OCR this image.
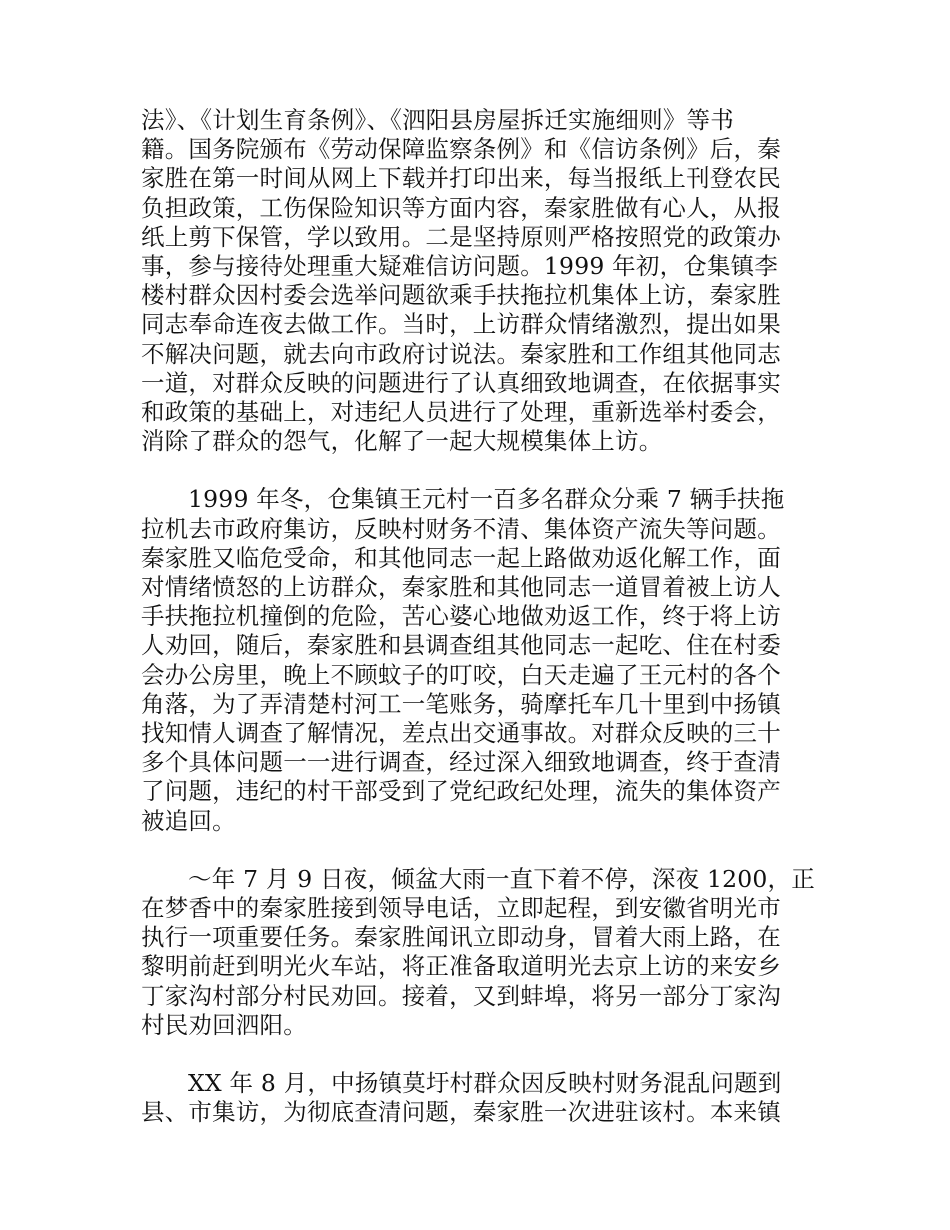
法》、《计划生育条例》、《泗阳县房屋拆迁实施细则》等书
籍。国务院颁布《劳动保障监察条例》和《信访条例》后，秦
家胜在第一时间从网上下载并打印出来，每当报纸上刊登农民
负担政策，工伤保险知识等方面内容，秦家胜做有心人，从报
纸上剪下保管，学以致用。二是坚持原则严格按照党的政策办
事，参与接待处理重大疑难信访问题。1999 年初，仓集镇李
楼村群众因村委会选举问题欲乘手扶拖拉机集体上访，秦家胜
同志奉命连夜去做工作。当时，上访群众情绪激烈，提出如果
不解决问题，就去向市政府讨说法。秦家胜和工作组其他同志
一道，对群众反映的问题进行了认真细致地调查，在依据事实
和政策的基础上，对违纪人员进行了处理，重新选举村委会，
消除了群众的怨气，化解了一起大规模集体上访。
1999 年冬，仓集镇王元村一百多名群众分乘 7 辆手扶拖
拉机去市政府集访，反映村财务不清、集体资产流失等问题。
秦家胜又临危受命，和其他同志一起上路做劝返化解工作，面
对情绪愤怒的上访群众，秦家胜和其他同志一道冒着被上访人
手扶拖拉机撞倒的危险，苦心婆心地做劝返工作，终于将上访
人劝回，随后，秦家胜和县调查组其他同志一起吃、住在村委
会办公房里，晚上不顾蚊子的叮咬，白天走遍了王元村的各个
角落，为了弄清楚村河工一笔账务，骑摩托车几十里到中扬镇
找知情人调查了解情况，差点出交通事故。对群众反映的三十
多个具体问题一一进行调查，经过深入细致地调查，终于查清
了问题，违纪的村干部受到了党纪政纪处理，流失的集体资产
被追回。
～年 7 月 9 日夜，倾盆大雨一直下着不停，深夜 1200，正
在梦香中的秦家胜接到领导电话，立即起程，到安徽省明光市
执行一项重要任务。秦家胜闻讯立即动身，冒着大雨上路，在
黎明前赶到明光火车站，将正准备取道明光去京上访的来安乡
丁家沟村部分村民劝回。接着，又到蚌埠，将另一部分丁家沟
村民劝回泗阳。
XX 年 8 月，中扬镇莫圩村群众因反映村财务混乱问题到
县、市集访，为彻底查清问题，秦家胜一次进驻该村。本来镇
